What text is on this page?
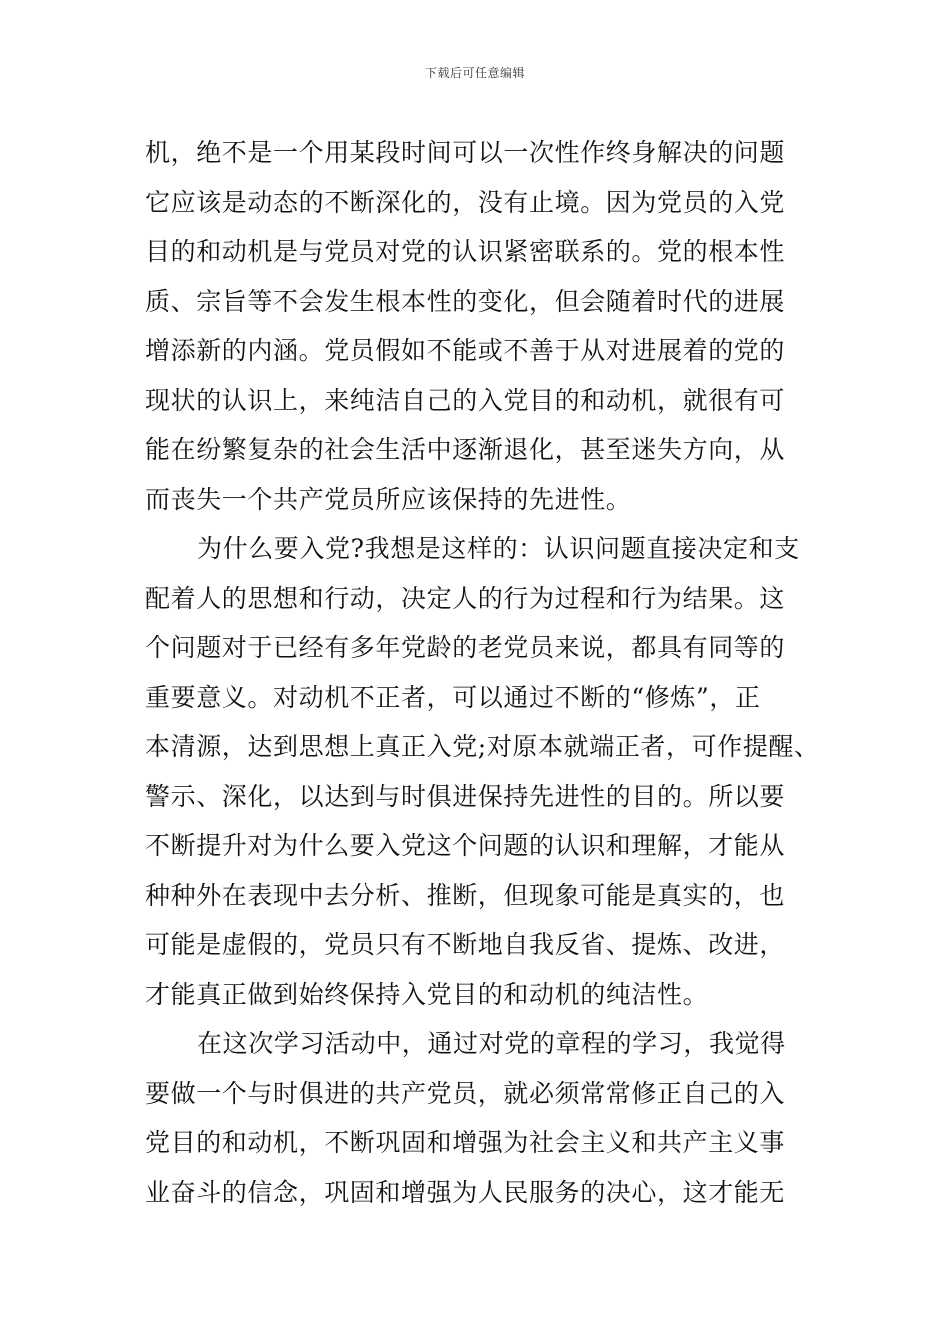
下载后可任意编辑
机，绝不是一个用某段时间可以一次性作终身解决的问题
它应该是动态的不断深化的，没有止境。因为党员的入党
目的和动机是与党员对党的认识紧密联系的。党的根本性
质、宗旨等不会发生根本性的变化，但会随着时代的进展
增添新的内涵。党员假如不能或不善于从对进展着的党的
现状的认识上，来纯洁自己的入党目的和动机，就很有可
能在纷繁复杂的社会生活中逐渐退化，甚至迷失方向，从
而丧失一个共产党员所应该保持的先进性。
为什么要入党?我想是这样的：认识问题直接决定和支
配着人的思想和行动，决定人的行为过程和行为结果。这
个问题对于已经有多年党龄的老党员来说，都具有同等的
重要意义。对动机不正者，可以通过不断的“修炼”，正
本清源，达到思想上真正入党;对原本就端正者，可作提醒、
警示、深化，以达到与时俱进保持先进性的目的。所以要
不断提升对为什么要入党这个问题的认识和理解，才能从
种种外在表现中去分析、推断，但现象可能是真实的，也
可能是虚假的，党员只有不断地自我反省、提炼、改进，
才能真正做到始终保持入党目的和动机的纯洁性。
在这次学习活动中，通过对党的章程的学习，我觉得
要做一个与时俱进的共产党员，就必须常常修正自己的入
党目的和动机，不断巩固和增强为社会主义和共产主义事
业奋斗的信念，巩固和增强为人民服务的决心，这才能无
